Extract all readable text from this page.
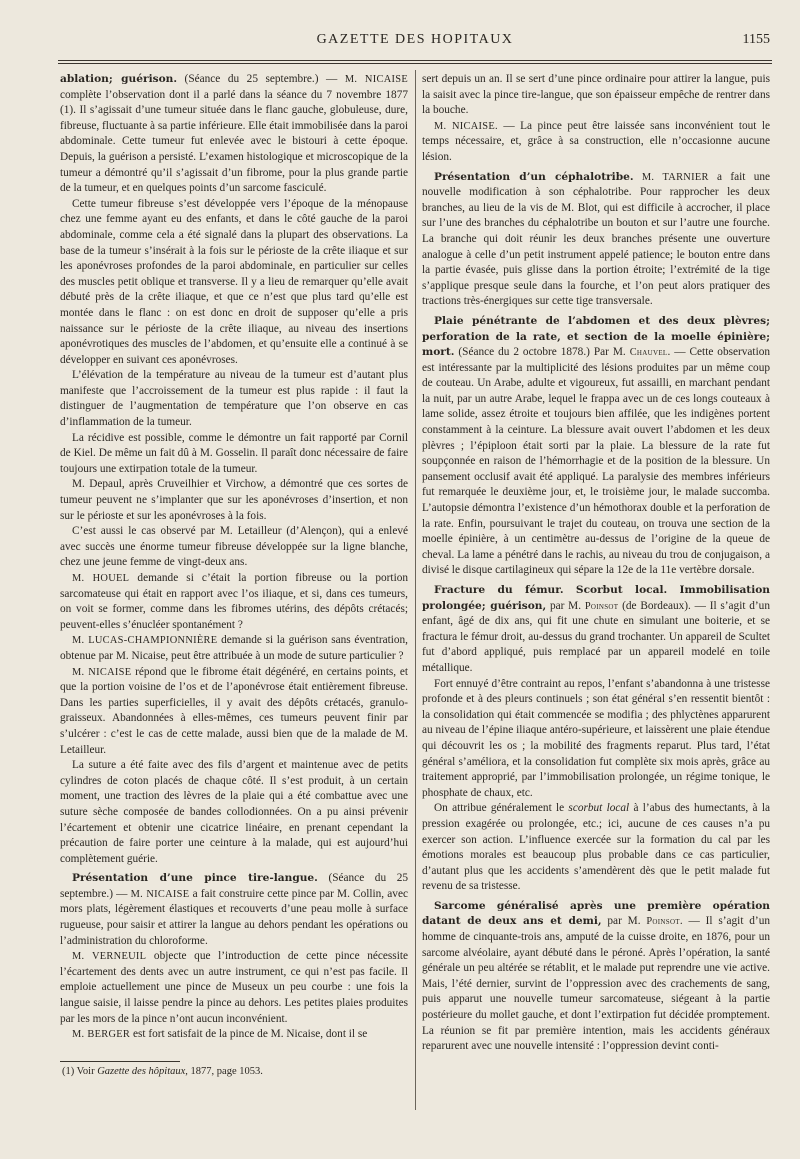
GAZETTE DES HOPITAUX	1155

ablation; guérison. (Séance du 25 septembre.) — M. NICAISE complète l’observation dont il a parlé dans la séance du 7 novembre 1877 (1). Il s’agissait d’une tumeur située dans le flanc gauche, globuleuse, dure, fibreuse, fluctuante à sa partie inférieure. Elle était immobilisée dans la paroi abdominale. Cette tumeur fut enlevée avec le bistouri à cette époque. Depuis, la guérison a persisté. L’examen histologique et microscopique de la tumeur a démontré qu’il s’agissait d’un fibrome, pour la plus grande partie de la tumeur, et en quelques points d’un sarcome fasciculé.

Cette tumeur fibreuse s’est développée vers l’époque de la ménopause chez une femme ayant eu des enfants, et dans le côté gauche de la paroi abdominale, comme cela a été signalé dans la plupart des observations. La base de la tumeur s’insérait à la fois sur le périoste de la crête iliaque et sur les aponévroses profondes de la paroi abdominale, en particulier sur celles des muscles petit oblique et transverse. Il y a lieu de remarquer qu’elle avait débuté près de la crête iliaque, et que ce n’est que plus tard qu’elle est montée dans le flanc : on est donc en droit de supposer qu’elle a pris naissance sur le périoste de la crête iliaque, au niveau des insertions aponévrotiques des muscles de l’abdomen, et qu’ensuite elle a continué à se développer en suivant ces aponévroses.

L’élévation de la température au niveau de la tumeur est d’autant plus manifeste que l’accroissement de la tumeur est plus rapide : il faut la distinguer de l’augmentation de température que l’on observe en cas d’inflammation de la tumeur.

La récidive est possible, comme le démontre un fait rapporté par Cornil de Kiel. De même un fait dû à M. Gosselin. Il paraît donc nécessaire de faire toujours une extirpation totale de la tumeur.

M. Depaul, après Cruveilhier et Virchow, a démontré que ces sortes de tumeur peuvent ne s’implanter que sur les aponévroses d’insertion, et non sur le périoste et sur les aponévroses à la fois.

C’est aussi le cas observé par M. Letailleur (d’Alençon), qui a enlevé avec succès une énorme tumeur fibreuse développée sur la ligne blanche, chez une jeune femme de vingt-deux ans.

M. HOUEL demande si c’était la portion fibreuse ou la portion sarcomateuse qui était en rapport avec l’os iliaque, et si, dans ces tumeurs, on voit se former, comme dans les fibromes utérins, des dépôts crétacés; peuvent-elles s’énucléer spontanément ?

M. LUCAS-CHAMPIONNIÈRE demande si la guérison sans éventration, obtenue par M. Nicaise, peut être attribuée à un mode de suture particulier ?

M. NICAISE répond que le fibrome était dégénéré, en certains points, et que la portion voisine de l’os et de l’aponévrose était entièrement fibreuse. Dans les parties superficielles, il y avait des dépôts crétacés, granulo-graisseux. Abandonnées à elles-mêmes, ces tumeurs peuvent finir par s’ulcérer : c’est le cas de cette malade, aussi bien que de la malade de M. Letailleur.

La suture a été faite avec des fils d’argent et maintenue avec de petits cylindres de coton placés de chaque côté. Il s’est produit, à un certain moment, une traction des lèvres de la plaie qui a été combattue avec une suture sèche composée de bandes collodionnées. On a pu ainsi prévenir l’écartement et obtenir une cicatrice linéaire, en prenant cependant la précaution de faire porter une ceinture à la malade, qui est aujourd’hui complètement guérie.

Présentation d’une pince tire-langue. (Séance du 25 septembre.) — M. NICAISE a fait construire cette pince par M. Collin, avec mors plats, légèrement élastiques et recouverts d’une peau molle à surface rugueuse, pour saisir et attirer la langue au dehors pendant les opérations ou l’administration du chloroforme.

M. VERNEUIL objecte que l’introduction de cette pince nécessite l’écartement des dents avec un autre instrument, ce qui n’est pas facile. Il emploie actuellement une pince de Museux un peu courbe : une fois la langue saisie, il laisse pendre la pince au dehors. Les petites plaies produites par les mors de la pince n’ont aucun inconvénient.

M. BERGER est fort satisfait de la pince de M. Nicaise, dont il se

(1) Voir Gazette des hôpitaux, 1877, page 1053.

sert depuis un an. Il se sert d’une pince ordinaire pour attirer la langue, puis la saisit avec la pince tire-langue, que son épaisseur empêche de rentrer dans la bouche.

M. NICAISE. — La pince peut être laissée sans inconvénient tout le temps nécessaire, et, grâce à sa construction, elle n’occasionne aucune lésion.

Présentation d’un céphalotribe. M. TARNIER a fait une nouvelle modification à son céphalotribe. Pour rapprocher les deux branches, au lieu de la vis de M. Blot, qui est difficile à accrocher, il place sur l’une des branches du céphalotribe un bouton et sur l’autre une fourche. La branche qui doit réunir les deux branches présente une ouverture analogue à celle d’un petit instrument appelé patience; le bouton entre dans la partie évasée, puis glisse dans la portion étroite; l’extrémité de la tige s’applique presque seule dans la fourche, et l’on peut alors pratiquer des tractions très-énergiques sur cette tige transversale.

Plaie pénétrante de l’abdomen et des deux plèvres; perforation de la rate, et section de la moelle épinière; mort. (Séance du 2 octobre 1878.) Par M. Chauvel. — Cette observation est intéressante par la multiplicité des lésions produites par un même coup de couteau. Un Arabe, adulte et vigoureux, fut assailli, en marchant pendant la nuit, par un autre Arabe, lequel le frappa avec un de ces longs couteaux à lame solide, assez étroite et toujours bien affilée, que les indigènes portent constamment à la ceinture. La blessure avait ouvert l’abdomen et les deux plèvres ; l’épiploon était sorti par la plaie. La blessure de la rate fut soupçonnée en raison de l’hémorrhagie et de la position de la blessure. Un pansement occlusif avait été appliqué. La paralysie des membres inférieurs fut remarquée le deuxième jour, et, le troisième jour, le malade succomba. L’autopsie démontra l’existence d’un hémothorax double et la perforation de la rate. Enfin, poursuivant le trajet du couteau, on trouva une section de la moelle épinière, à un centimètre au-dessus de l’origine de la queue de cheval. La lame a pénétré dans le rachis, au niveau du trou de conjugaison, a divisé le disque cartilagineux qui sépare la 12e de la 11e vertèbre dorsale.

Fracture du fémur. Scorbut local. Immobilisation prolongée; guérison, par M. Poinsot (de Bordeaux). — Il s’agit d’un enfant, âgé de dix ans, qui fit une chute en simulant une boiterie, et se fractura le fémur droit, au-dessus du grand trochanter. Un appareil de Scultet fut d’abord appliqué, puis remplacé par un appareil modelé en toile métallique.

Fort ennuyé d’être contraint au repos, l’enfant s’abandonna à une tristesse profonde et à des pleurs continuels ; son état général s’en ressentit bientôt : la consolidation qui était commencée se modifia ; des phlyctènes apparurent au niveau de l’épine iliaque antéro-supérieure, et laissèrent une plaie étendue qui découvrit les os ; la mobilité des fragments reparut. Plus tard, l’état général s’améliora, et la consolidation fut complète six mois après, grâce au traitement approprié, par l’immobilisation prolongée, un régime tonique, le phosphate de chaux, etc.

On attribue généralement le scorbut local à l’abus des humectants, à la pression exagérée ou prolongée, etc.; ici, aucune de ces causes n’a pu exercer son action. L’influence exercée sur la formation du cal par les émotions morales est beaucoup plus probable dans ce cas particulier, d’autant plus que les accidents s’amendèrent dès que le petit malade fut revenu de sa tristesse.

Sarcome généralisé après une première opération datant de deux ans et demi, par M. Poinsot. — Il s’agit d’un homme de cinquante-trois ans, amputé de la cuisse droite, en 1876, pour un sarcome alvéolaire, ayant débuté dans le péroné. Après l’opération, la santé générale un peu altérée se rétablit, et le malade put reprendre une vie active. Mais, l’été dernier, survint de l’oppression avec des crachements de sang, puis apparut une nouvelle tumeur sarcomateuse, siégeant à la partie postérieure du mollet gauche, et dont l’extirpation fut décidée promptement. La réunion se fit par première intention, mais les accidents généraux reparurent avec une nouvelle intensité : l’oppression devint conti-
